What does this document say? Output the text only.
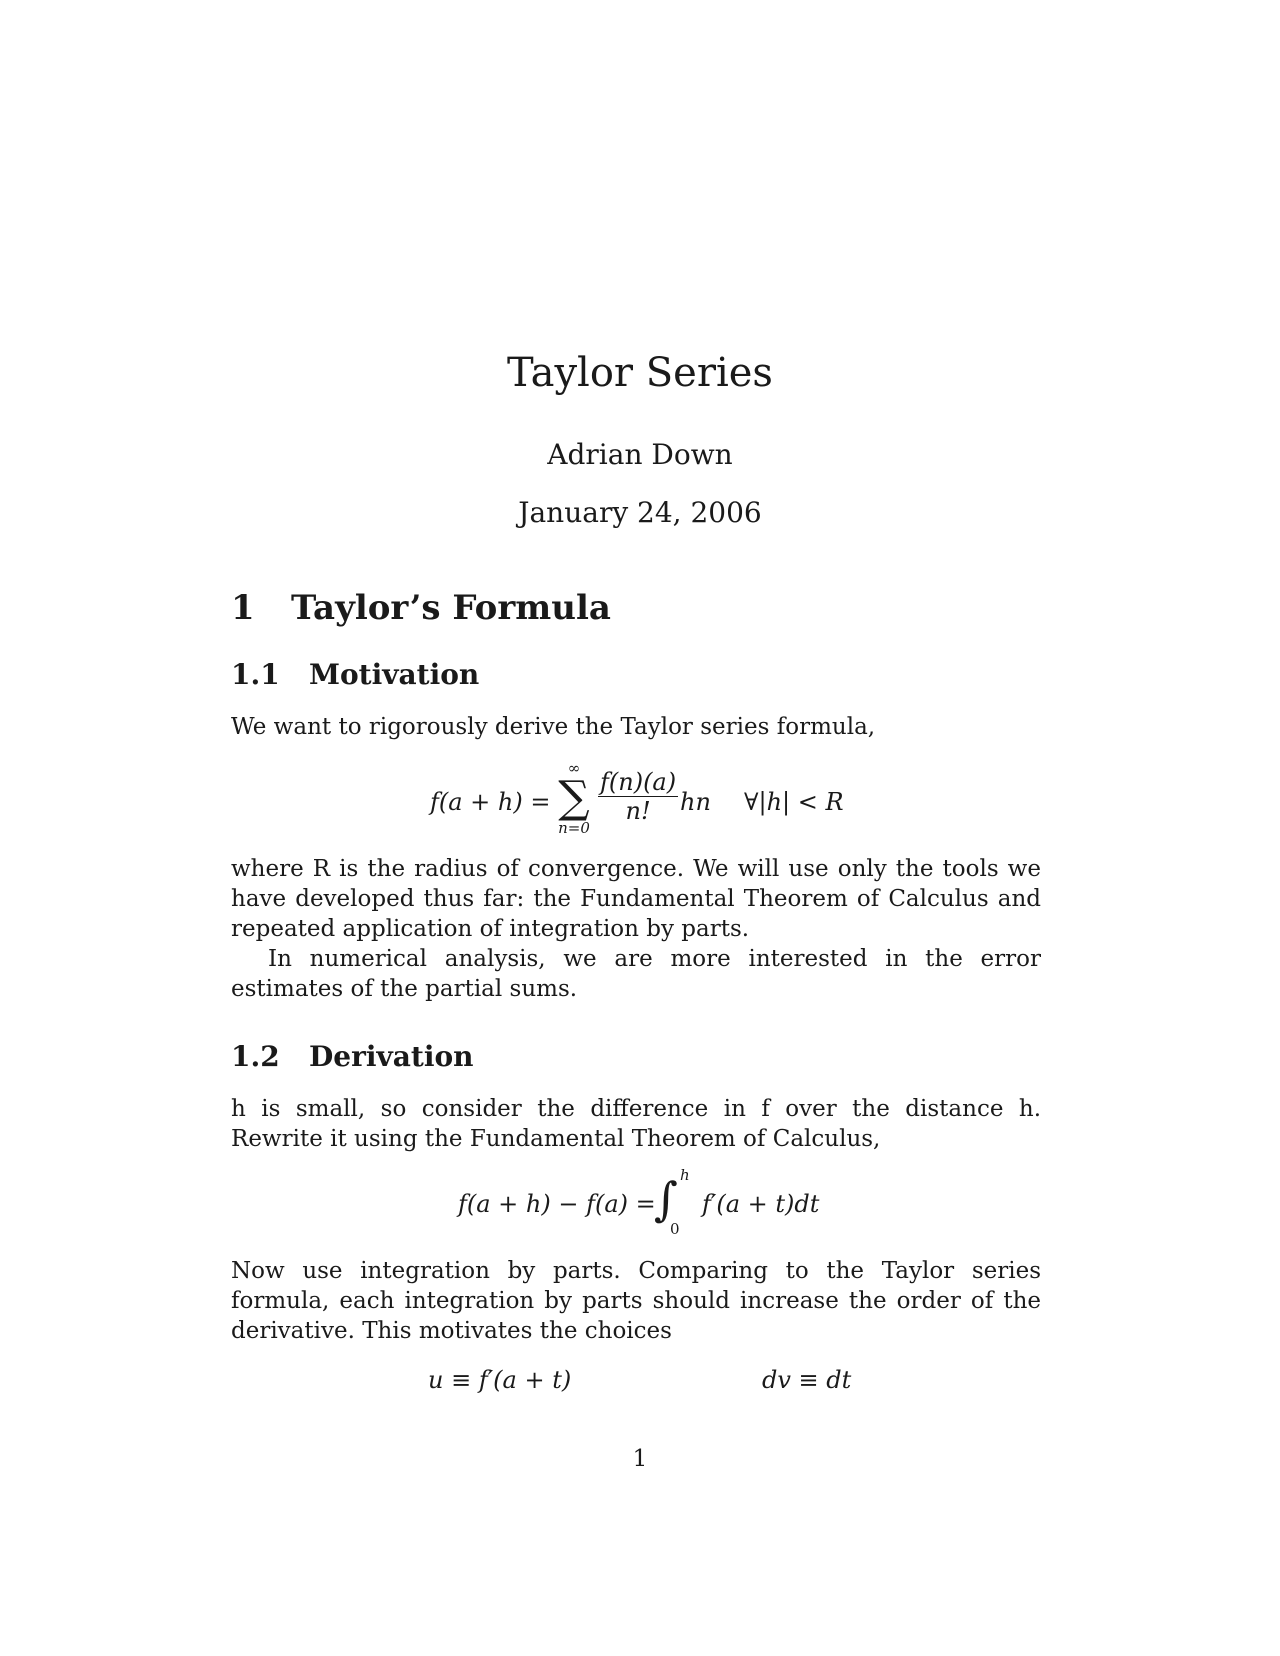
Taylor Series
Adrian Down
January 24, 2006
1 Taylor’s Formula
1.1 Motivation
We want to rigorously derive the Taylor series formula,
f(a + h) =
∞
∑
n=0
$\frac{f(n)(a)}{n!}$ hn ∀|h| < R
where R is the radius of convergence. We will use only the tools we have developed thus far: the Fundamental Theorem of Calculus and repeated application of integration by parts.
In numerical analysis, we are more interested in the error estimates of the partial sums.
1.2 Derivation
h is small, so consider the difference in f over the distance h. Rewrite it using the Fundamental Theorem of Calculus,
f(a + h) − f(a) =
∫ h
0
f′(a + t)dt
Now use integration by parts. Comparing to the Taylor series formula, each integration by parts should increase the order of the derivative. This motivates the choices
u ≡ f′(a + t)	dv ≡ dt
1
